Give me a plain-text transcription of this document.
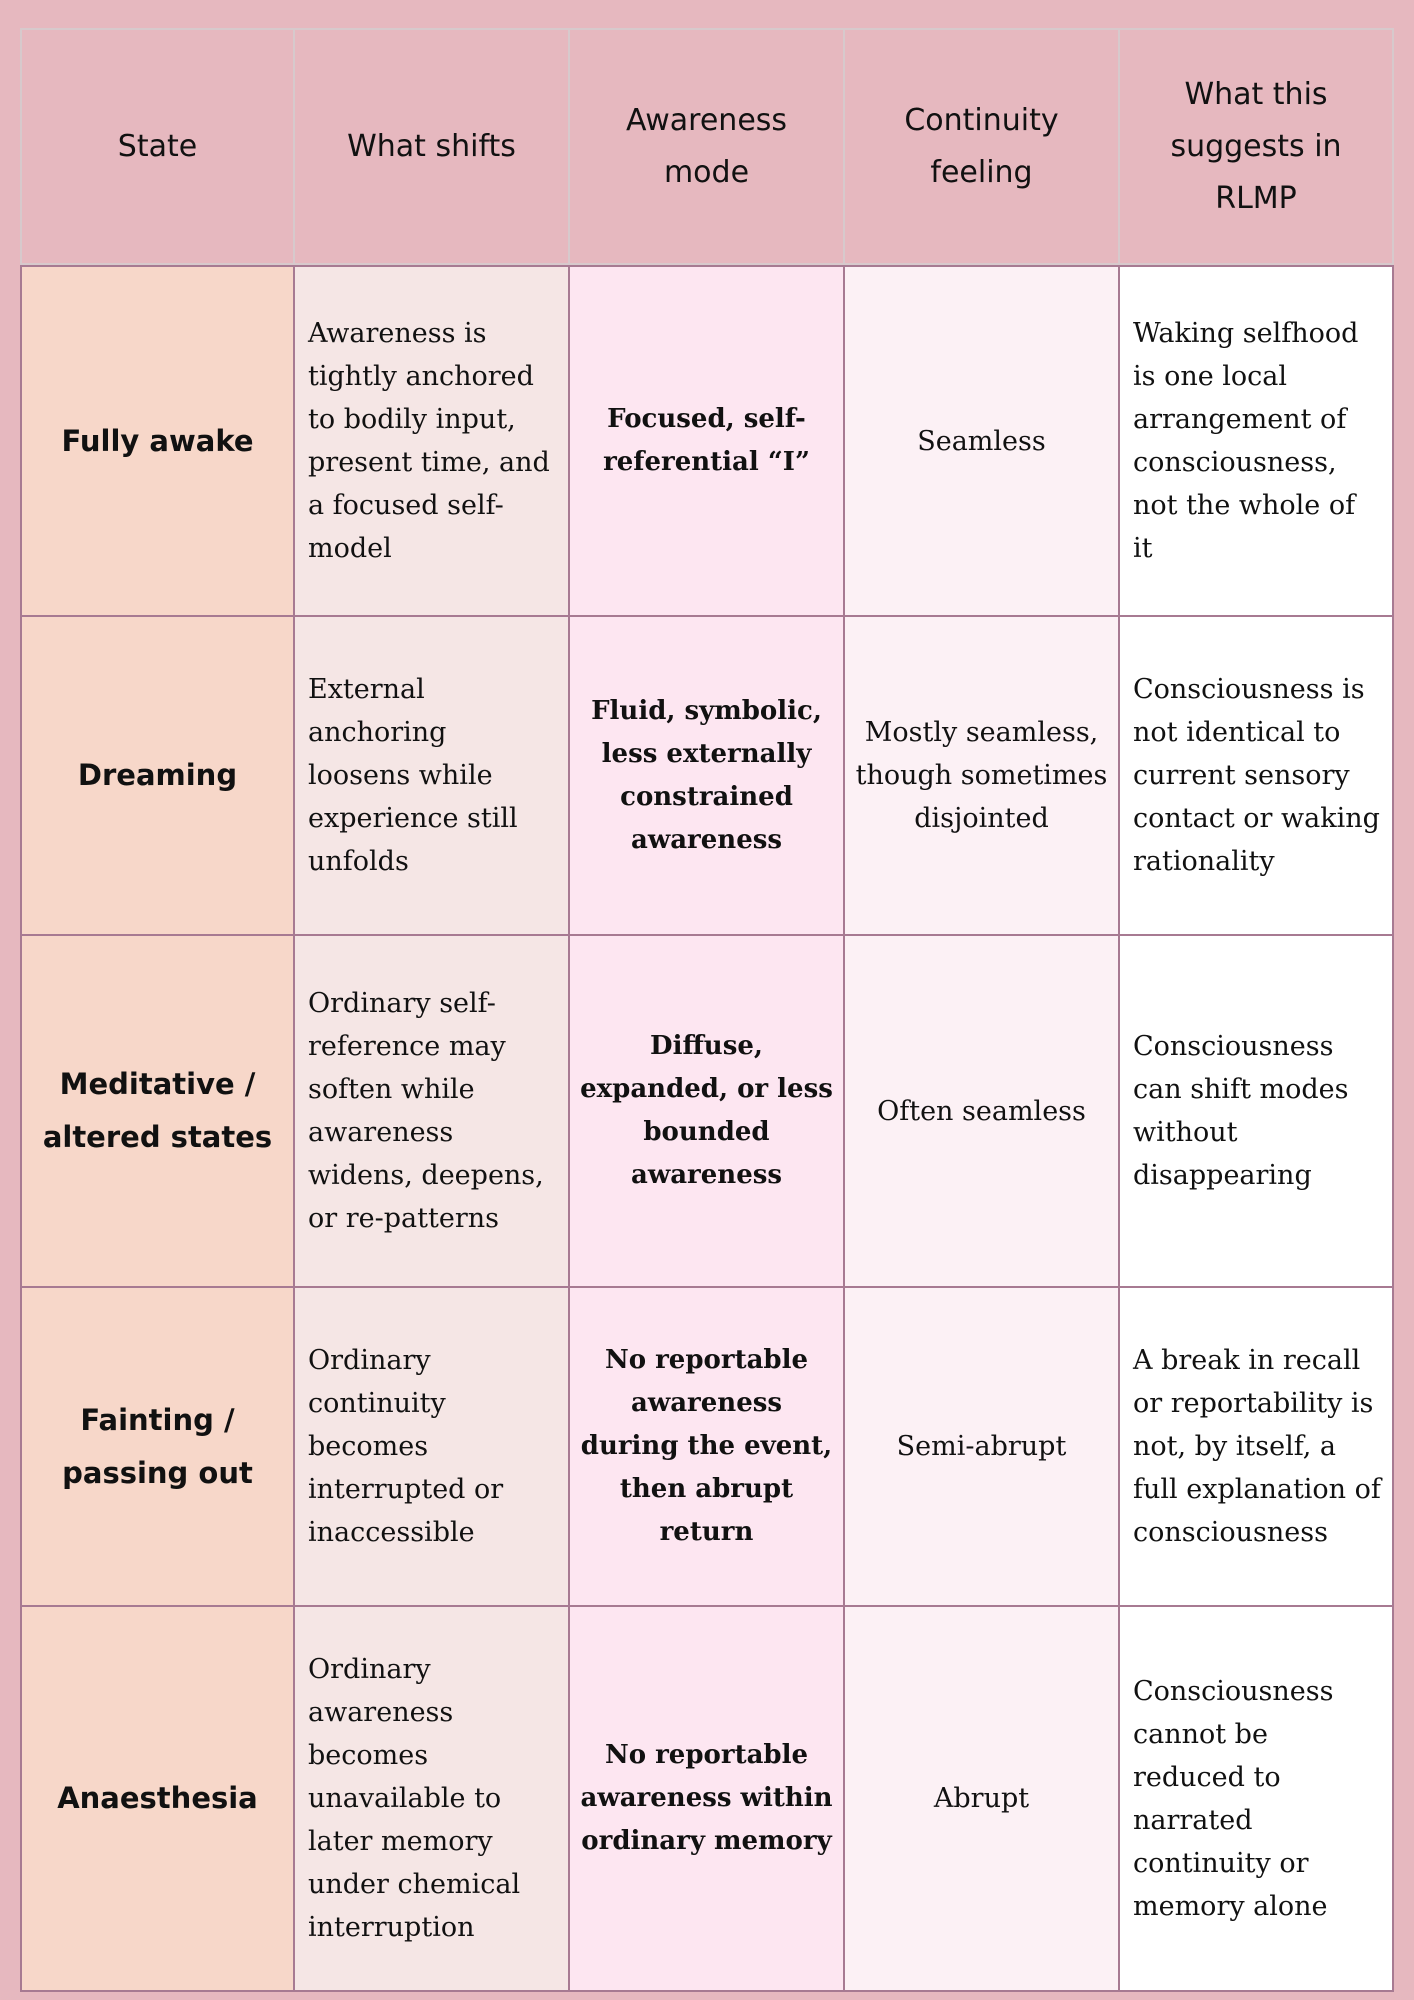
State	What shifts
Awareness mode
Continuity feeling
What this suggests in RLMP
Fully awake
Awareness is tightly anchored to bodily input, present time, and a focused self-model
Focused, self-referential “I”
Seamless
Waking selfhood is one local arrangement of consciousness, not the whole of it
Dreaming
External anchoring loosens while experience still unfolds
Fluid, symbolic, less externally constrained awareness
Mostly seamless, though sometimes disjointed
Consciousness is not identical to current sensory contact or waking rationality
Meditative / altered states
Ordinary self-reference may soften while awareness widens, deepens, or re-patterns
Diffuse, expanded, or less bounded awareness
Often seamless
Consciousness can shift modes without disappearing
Fainting / passing out
Ordinary continuity becomes interrupted or inaccessible
No reportable awareness during the event, then abrupt return
Semi-abrupt
A break in recall or reportability is not, by itself, a full explanation of consciousness
Anaesthesia
Ordinary awareness becomes unavailable to later memory under chemical interruption
No reportable awareness within ordinary memory
Abrupt
Consciousness cannot be reduced to narrated continuity or memory alone
